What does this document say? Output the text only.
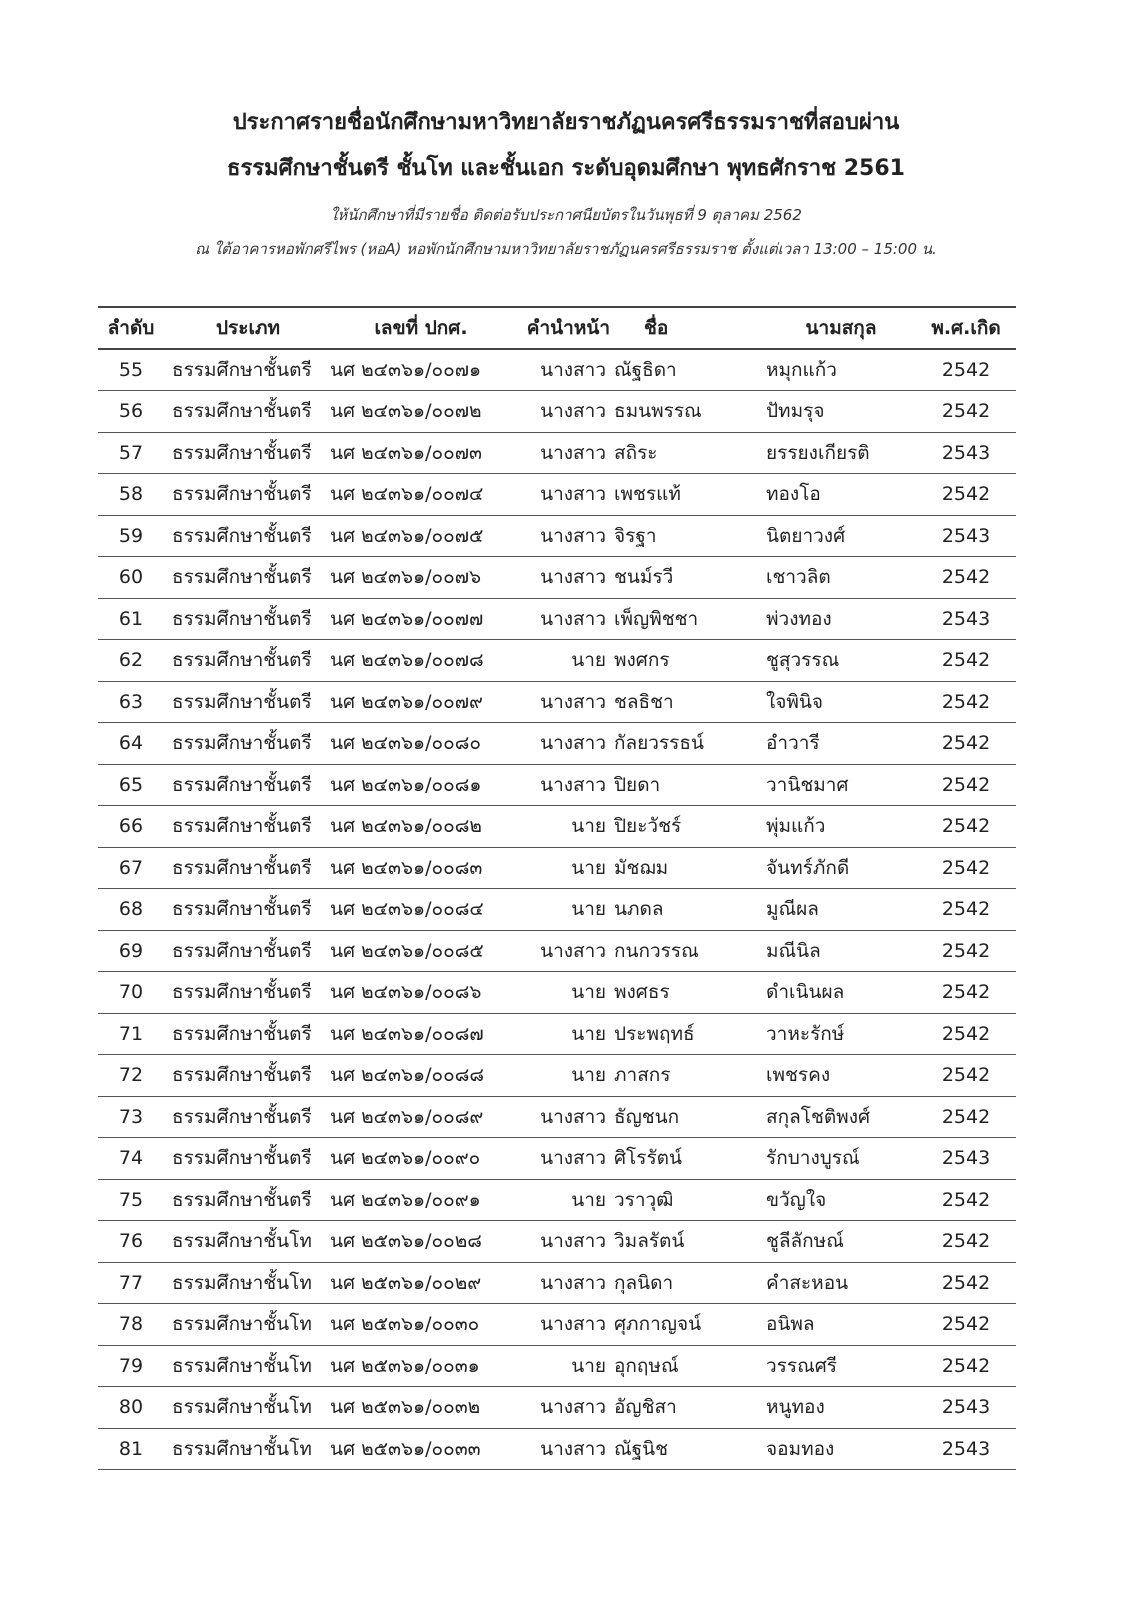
ประกาศรายชื่อนักศึกษามหาวิทยาลัยราชภัฏนครศรีธรรมราชที่สอบผ่าน
ธรรมศึกษาชั้นตรี ชั้นโท และชั้นเอก ระดับอุดมศึกษา พุทธศักราช 2561
ให้นักศึกษาที่มีรายชื่อ ติดต่อรับประกาศนียบัตรในวันพุธที่ 9 ตุลาคม 2562
ณ ใต้อาคารหอพักศรีไพร (หอA) หอพักนักศึกษามหาวิทยาลัยราชภัฏนครศรีธรรมราช ตั้งแต่เวลา 13:00 – 15:00 น.
ลำดับ	ประเภท	เลขที่ ปกศ.	คำนำหน้า	ชื่อ	นามสกุล	พ.ศ.เกิด
55	ธรรมศึกษาชั้นตรี	นศ ๒๔๓๖๑/๐๐๗๑	นางสาว	ณัฐธิดา	หมุกแก้ว	2542
56	ธรรมศึกษาชั้นตรี	นศ ๒๔๓๖๑/๐๐๗๒	นางสาว	ธมนพรรณ	ปัทมรุจ	2542
57	ธรรมศึกษาชั้นตรี	นศ ๒๔๓๖๑/๐๐๗๓	นางสาว	สถิระ	ยรรยงเกียรติ	2543
58	ธรรมศึกษาชั้นตรี	นศ ๒๔๓๖๑/๐๐๗๔	นางสาว	เพชรแท้	ทองโอ	2542
59	ธรรมศึกษาชั้นตรี	นศ ๒๔๓๖๑/๐๐๗๕	นางสาว	จิรฐา	นิตยาวงศ์	2543
60	ธรรมศึกษาชั้นตรี	นศ ๒๔๓๖๑/๐๐๗๖	นางสาว	ชนม์รวี	เชาวลิต	2542
61	ธรรมศึกษาชั้นตรี	นศ ๒๔๓๖๑/๐๐๗๗	นางสาว	เพ็ญพิชชา	พ่วงทอง	2543
62	ธรรมศึกษาชั้นตรี	นศ ๒๔๓๖๑/๐๐๗๘	นาย	พงศกร	ชูสุวรรณ	2542
63	ธรรมศึกษาชั้นตรี	นศ ๒๔๓๖๑/๐๐๗๙	นางสาว	ชลธิชา	ใจพินิจ	2542
64	ธรรมศึกษาชั้นตรี	นศ ๒๔๓๖๑/๐๐๘๐	นางสาว	กัลยวรรธน์	อำวารี	2542
65	ธรรมศึกษาชั้นตรี	นศ ๒๔๓๖๑/๐๐๘๑	นางสาว	ปิยดา	วานิชมาศ	2542
66	ธรรมศึกษาชั้นตรี	นศ ๒๔๓๖๑/๐๐๘๒	นาย	ปิยะวัชร์	พุ่มแก้ว	2542
67	ธรรมศึกษาชั้นตรี	นศ ๒๔๓๖๑/๐๐๘๓	นาย	มัชฌม	จันทร์ภักดี	2542
68	ธรรมศึกษาชั้นตรี	นศ ๒๔๓๖๑/๐๐๘๔	นาย	นภดล	มูณีผล	2542
69	ธรรมศึกษาชั้นตรี	นศ ๒๔๓๖๑/๐๐๘๕	นางสาว	กนกวรรณ	มณีนิล	2542
70	ธรรมศึกษาชั้นตรี	นศ ๒๔๓๖๑/๐๐๘๖	นาย	พงศธร	ดำเนินผล	2542
71	ธรรมศึกษาชั้นตรี	นศ ๒๔๓๖๑/๐๐๘๗	นาย	ประพฤทธ์	วาหะรักษ์	2542
72	ธรรมศึกษาชั้นตรี	นศ ๒๔๓๖๑/๐๐๘๘	นาย	ภาสกร	เพชรคง	2542
73	ธรรมศึกษาชั้นตรี	นศ ๒๔๓๖๑/๐๐๘๙	นางสาว	ธัญชนก	สกุลโชติพงศ์	2542
74	ธรรมศึกษาชั้นตรี	นศ ๒๔๓๖๑/๐๐๙๐	นางสาว	ศิโรรัตน์	รักบางบูรณ์	2543
75	ธรรมศึกษาชั้นตรี	นศ ๒๔๓๖๑/๐๐๙๑	นาย	วราวุฒิ	ขวัญใจ	2542
76	ธรรมศึกษาชั้นโท	นศ ๒๕๓๖๑/๐๐๒๘	นางสาว	วิมลรัตน์	ชูลีลักษณ์	2542
77	ธรรมศึกษาชั้นโท	นศ ๒๕๓๖๑/๐๐๒๙	นางสาว	กุลนิดา	คำสะหอน	2542
78	ธรรมศึกษาชั้นโท	นศ ๒๕๓๖๑/๐๐๓๐	นางสาว	ศุภกาญจน์	อนิพล	2542
79	ธรรมศึกษาชั้นโท	นศ ๒๕๓๖๑/๐๐๓๑	นาย	อุกฤษณ์	วรรณศรี	2542
80	ธรรมศึกษาชั้นโท	นศ ๒๕๓๖๑/๐๐๓๒	นางสาว	อัญชิสา	หนูทอง	2543
81	ธรรมศึกษาชั้นโท	นศ ๒๕๓๖๑/๐๐๓๓	นางสาว	ณัฐนิช	จอมทอง	2543
